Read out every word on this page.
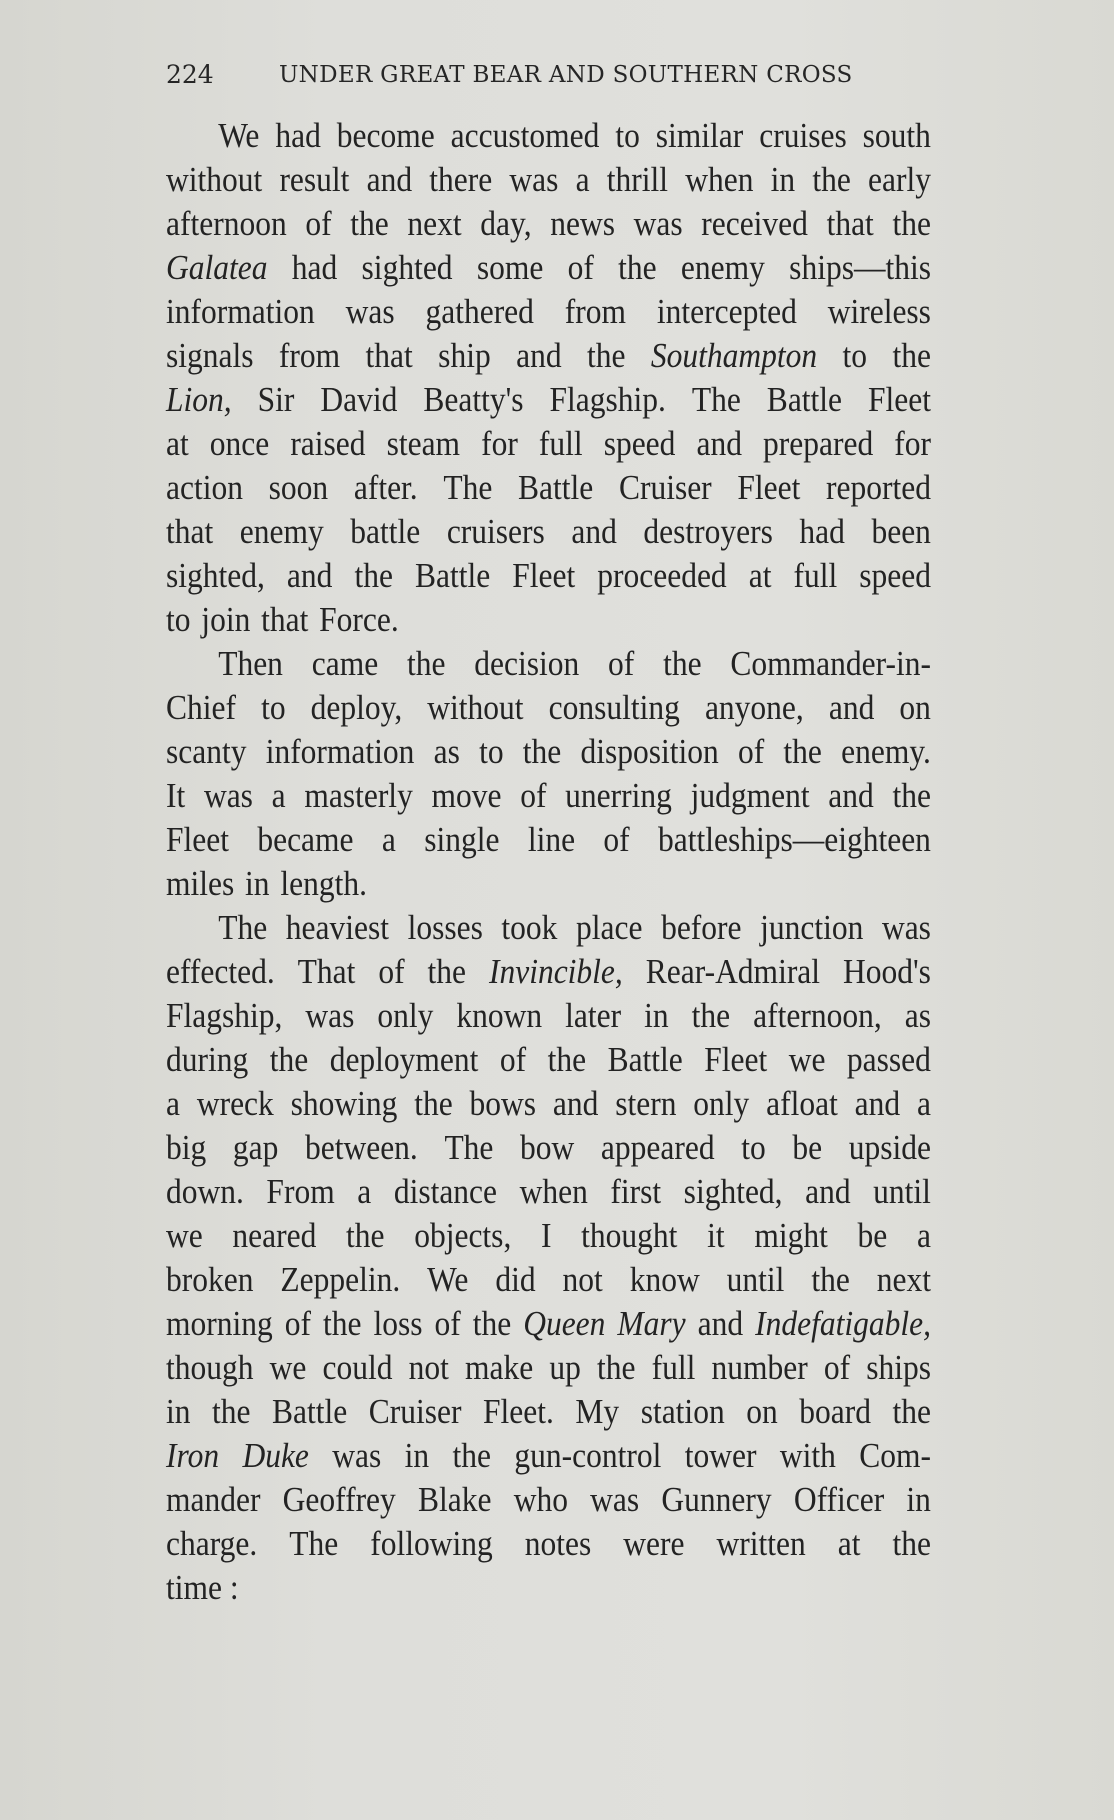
224	UNDER GREAT BEAR AND SOUTHERN CROSS
We had become accustomed to similar cruises south
without result and there was a thrill when in the early
afternoon of the next day, news was received that the
Galatea had sighted some of the enemy ships—this
information was gathered from intercepted wireless
signals from that ship and the Southampton to the
Lion, Sir David Beatty's Flagship. The Battle Fleet
at once raised steam for full speed and prepared for
action soon after. The Battle Cruiser Fleet reported
that enemy battle cruisers and destroyers had been
sighted, and the Battle Fleet proceeded at full speed
to join that Force.
Then came the decision of the Commander-in-
Chief to deploy, without consulting anyone, and on
scanty information as to the disposition of the enemy.
It was a masterly move of unerring judgment and the
Fleet became a single line of battleships—eighteen
miles in length.
The heaviest losses took place before junction was
effected. That of the Invincible, Rear-Admiral Hood's
Flagship, was only known later in the afternoon, as
during the deployment of the Battle Fleet we passed
a wreck showing the bows and stern only afloat and a
big gap between. The bow appeared to be upside
down. From a distance when first sighted, and until
we neared the objects, I thought it might be a
broken Zeppelin. We did not know until the next
morning of the loss of the Queen Mary and Indefatigable,
though we could not make up the full number of ships
in the Battle Cruiser Fleet. My station on board the
Iron Duke was in the gun-control tower with Com-
mander Geoffrey Blake who was Gunnery Officer in
charge. The following notes were written at the
time :
